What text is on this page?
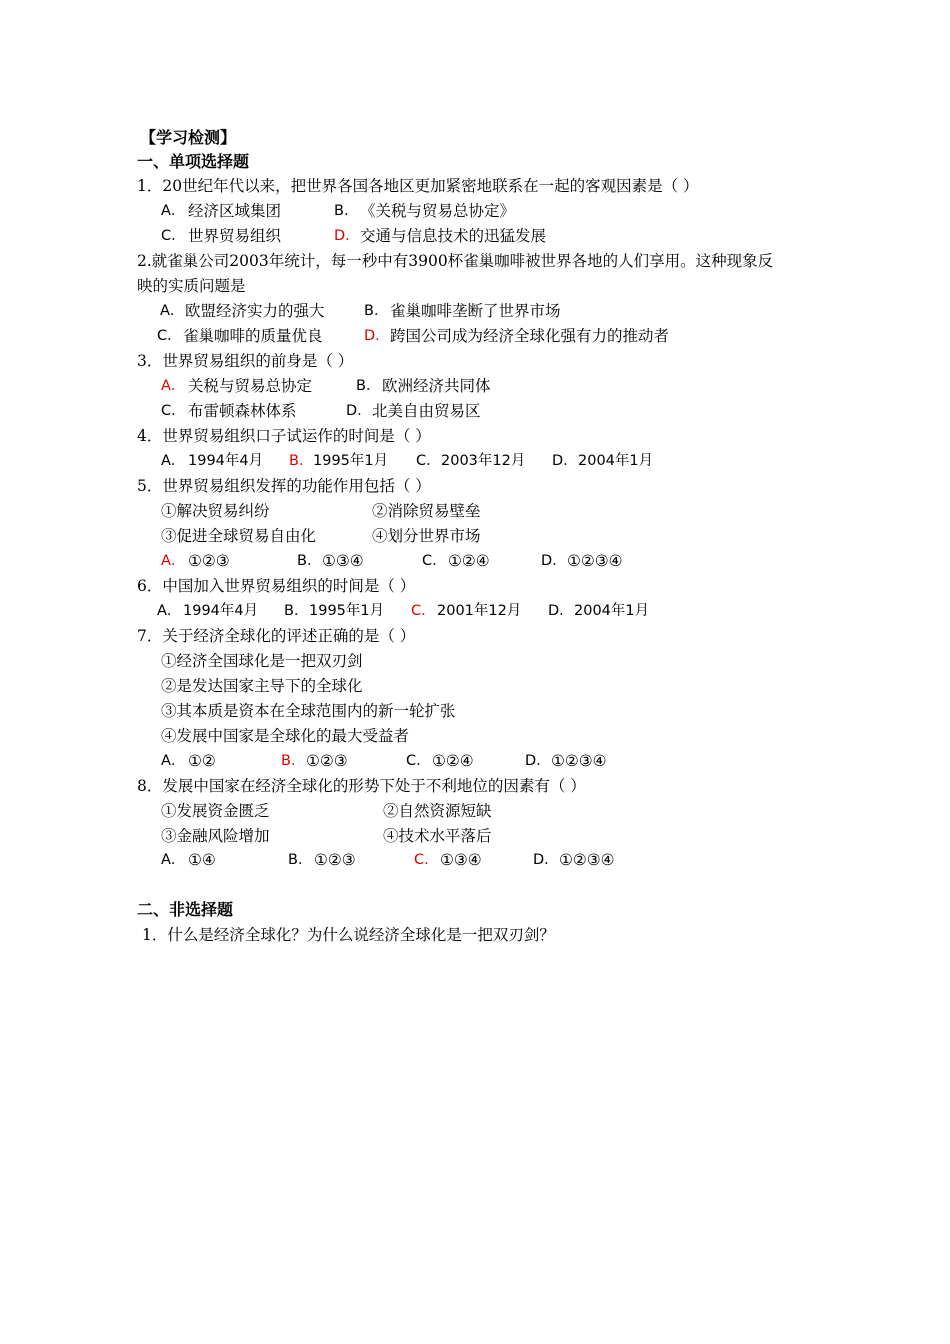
【学习检测】
一、单项选择题
1．20世纪年代以来，把世界各国各地区更加紧密地联系在一起的客观因素是（ ）
A． 经济区域集团	B． 《关税与贸易总协定》
C． 世界贸易组织	D． 交通与信息技术的迅猛发展
2.就雀巢公司2003年统计，每一秒中有3900杯雀巢咖啡被世界各地的人们享用。这种现象反
映的实质问题是
A． 欧盟经济实力的强大	B． 雀巢咖啡垄断了世界市场
C． 雀巢咖啡的质量优良	D． 跨国公司成为经济全球化强有力的推动者
3．世界贸易组织的前身是（ ）
A． 关税与贸易总协定	B． 欧洲经济共同体
C． 布雷顿森林体系	D． 北美自由贸易区
4．世界贸易组织口子试运作的时间是（ ）
A． 1994年4月 B． 1995年1月 C． 2003年12月 D． 2004年1月
5．世界贸易组织发挥的功能作用包括（ ）
①解决贸易纠纷	②消除贸易壁垒
③促进全球贸易自由化	④划分世界市场
A． ①②③	B． ①③④	C． ①②④	D． ①②③④
6．中国加入世界贸易组织的时间是（ ）
A． 1994年4月 B． 1995年1月 C． 2001年12月 D． 2004年1月
7．关于经济全球化的评述正确的是（ ）
①经济全国球化是一把双刃剑
②是发达国家主导下的全球化
③其本质是资本在全球范围内的新一轮扩张
④发展中国家是全球化的最大受益者
A． ①②	B． ①②③	C． ①②④	D． ①②③④
8．发展中国家在经济全球化的形势下处于不利地位的因素有（ ）
①发展资金匮乏	②自然资源短缺
③金融风险增加	④技术水平落后
A． ①④	B． ①②③	C． ①③④	D． ①②③④
二、非选择题
1．什么是经济全球化？为什么说经济全球化是一把双刃剑？
